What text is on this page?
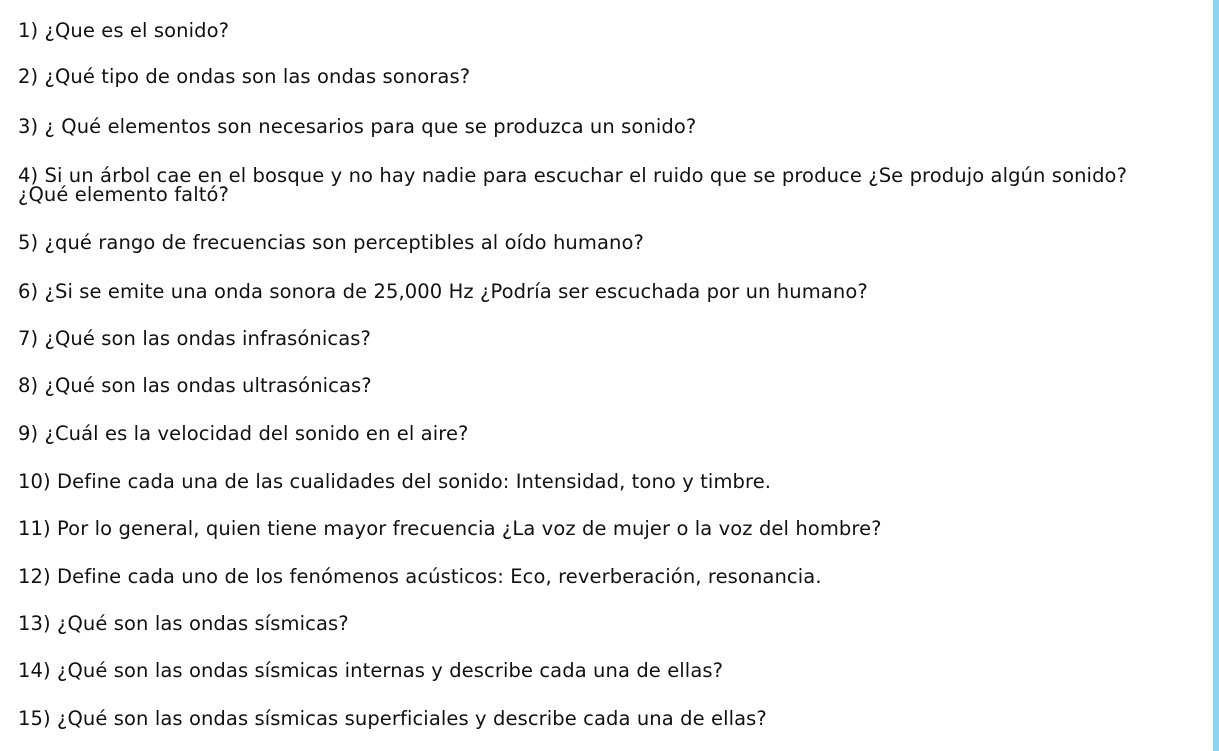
1) ¿Que es el sonido?

2) ¿Qué tipo de ondas son las ondas sonoras?

3) ¿ Qué elementos son necesarios para que se produzca un sonido?

4) Si un árbol cae en el bosque y no hay nadie para escuchar el ruido que se produce ¿Se produjo algún sonido?

¿Qué elemento faltó?

5) ¿qué rango de frecuencias son perceptibles al oído humano?

6) ¿Si se emite una onda sonora de 25,000 Hz ¿Podría ser escuchada por un humano?

7) ¿Qué son las ondas infrasónicas?

8) ¿Qué son las ondas ultrasónicas?

9) ¿Cuál es la velocidad del sonido en el aire?

10) Define cada una de las cualidades del sonido: Intensidad, tono y timbre.

11) Por lo general, quien tiene mayor frecuencia ¿La voz de mujer o la voz del hombre?

12) Define cada uno de los fenómenos acústicos: Eco, reverberación, resonancia.

13) ¿Qué son las ondas sísmicas?

14) ¿Qué son las ondas sísmicas internas y describe cada una de ellas?

15) ¿Qué son las ondas sísmicas superficiales y describe cada una de ellas?
